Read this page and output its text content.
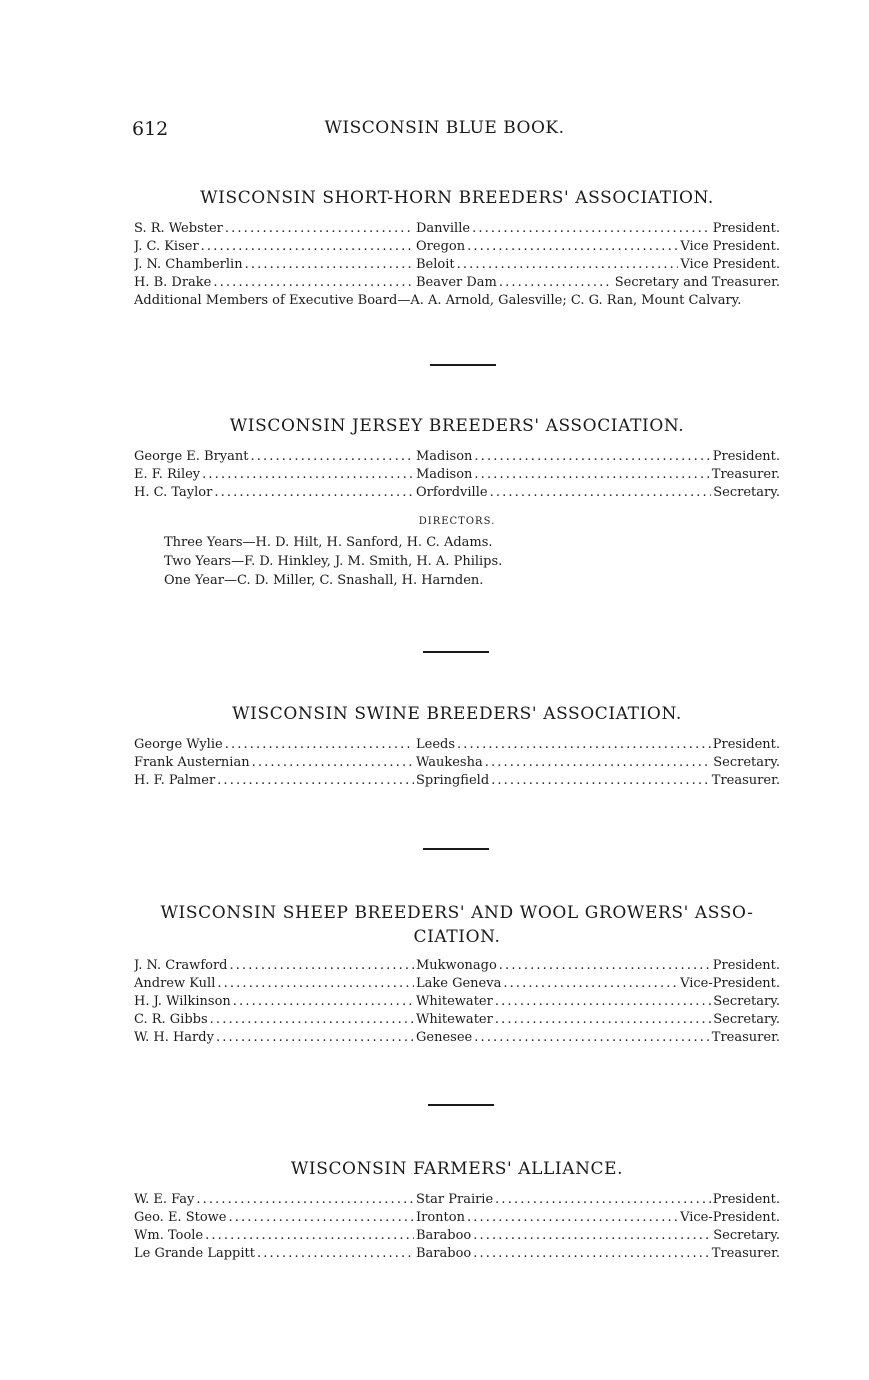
612	WISCONSIN BLUE BOOK.
WISCONSIN SHORT-HORN BREEDERS' ASSOCIATION.
S. R. Webster . . .	Danville . . .	President.
J. C. Kiser . . .	Oregon . . .	Vice President.
J. N. Chamberlin . . .	Beloit . . .	Vice President.
H. B. Drake . . .	Beaver Dam . . .	Secretary and Treasurer.
Additional Members of Executive Board—A. A. Arnold, Galesville; C. G. Ran, Mount Calvary.
WISCONSIN JERSEY BREEDERS' ASSOCIATION.
George E. Bryant . . .	Madison . . .	President.
E. F. Riley . . .	Madison . . .	Treasurer.
H. C. Taylor . . .	Orfordville . . .	Secretary.
DIRECTORS.
Three Years—H. D. Hilt, H. Sanford, H. C. Adams.
Two Years—F. D. Hinkley, J. M. Smith, H. A. Philips.
One Year—C. D. Miller, C. Snashall, H. Harnden.
WISCONSIN SWINE BREEDERS' ASSOCIATION.
George Wylie . . .	Leeds . . .	President.
Frank Austernian . . .	Waukesha . . .	Secretary.
H. F. Palmer . . .	Springfield . . .	Treasurer.
WISCONSIN SHEEP BREEDERS' AND WOOL GROWERS' ASSO-
CIATION.
J. N. Crawford . . .	Mukwonago . . .	President.
Andrew Kull . . .	Lake Geneva . . .	Vice-President.
H. J. Wilkinson . . .	Whitewater . . .	Secretary.
C. R. Gibbs . . .	Whitewater . . .	Secretary.
W. H. Hardy . . .	Genesee . . .	Treasurer.
WISCONSIN FARMERS' ALLIANCE.
W. E. Fay . . .	Star Prairie . . .	President.
Geo. E. Stowe . . .	Ironton . . .	Vice-President.
Wm. Toole . . .	Baraboo . . .	Secretary.
Le Grande Lappitt . . .	Baraboo . . .	Treasurer.
